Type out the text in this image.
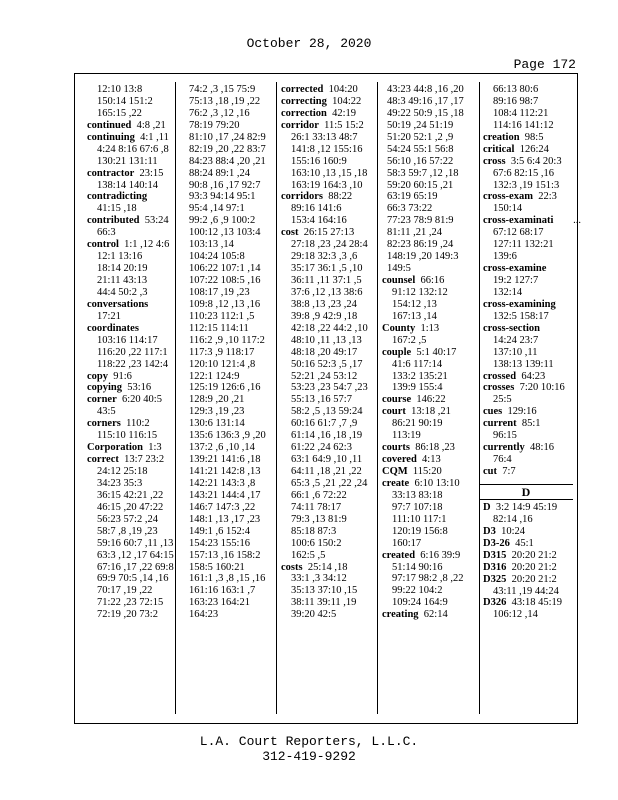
October 28, 2020
Page 172
12:10 13:8
150:14 151:2
165:15 ,22
continued 4:8 ,21
continuing 4:1 ,11
4:24 8:16 67:6 ,8
130:21 131:11
contractor 23:15
138:14 140:14
contradicting
41:15 ,18
contributed 53:24
66:3
control 1:1 ,12 4:6
12:1 13:16
18:14 20:19
21:11 43:13
44:4 50:2 ,3
conversations
17:21
coordinates
103:16 114:17
116:20 ,22 117:1
118:22 ,23 142:4
copy 91:6
copying 53:16
corner 6:20 40:5
43:5
corners 110:2
115:10 116:15
Corporation 1:3
correct 13:7 23:2
24:12 25:18
34:23 35:3
36:15 42:21 ,22
46:15 ,20 47:22
56:23 57:2 ,24
58:7 ,8 ,19 ,23
59:16 60:7 ,11 ,13
63:3 ,12 ,17 64:15
67:16 ,17 ,22 69:8
69:9 70:5 ,14 ,16
70:17 ,19 ,22
71:22 ,23 72:15
72:19 ,20 73:2
74:2 ,3 ,15 75:9
75:13 ,18 ,19 ,22
76:2 ,3 ,12 ,16
78:19 79:20
81:10 ,17 ,24 82:9
82:19 ,20 ,22 83:7
84:23 88:4 ,20 ,21
88:24 89:1 ,24
90:8 ,16 ,17 92:7
93:3 94:14 95:1
95:4 ,14 97:1
99:2 ,6 ,9 100:2
100:12 ,13 103:4
103:13 ,14
104:24 105:8
106:22 107:1 ,14
107:22 108:5 ,16
108:17 ,19 ,23
109:8 ,12 ,13 ,16
110:23 112:1 ,5
112:15 114:11
116:2 ,9 ,10 117:2
117:3 ,9 118:17
120:10 121:4 ,8
122:1 124:9
125:19 126:6 ,16
128:9 ,20 ,21
129:3 ,19 ,23
130:6 131:14
135:6 136:3 ,9 ,20
137:2 ,6 ,10 ,14
139:21 141:6 ,18
141:21 142:8 ,13
142:21 143:3 ,8
143:21 144:4 ,17
146:7 147:3 ,22
148:1 ,13 ,17 ,23
149:1 ,6 152:4
154:23 155:16
157:13 ,16 158:2
158:5 160:21
161:1 ,3 ,8 ,15 ,16
161:16 163:1 ,7
163:23 164:21
164:23
corrected 104:20
correcting 104:22
correction 42:19
corridor 11:5 15:2
26:1 33:13 48:7
141:8 ,12 155:16
155:16 160:9
163:10 ,13 ,15 ,18
163:19 164:3 ,10
corridors 88:22
89:16 141:6
153:4 164:16
cost 26:15 27:13
27:18 ,23 ,24 28:4
29:18 32:3 ,3 ,6
35:17 36:1 ,5 ,10
36:11 ,11 37:1 ,5
37:6 ,12 ,13 38:6
38:8 ,13 ,23 ,24
39:8 ,9 42:9 ,18
42:18 ,22 44:2 ,10
48:10 ,11 ,13 ,13
48:18 ,20 49:17
50:16 52:3 ,5 ,17
52:21 ,24 53:12
53:23 ,23 54:7 ,23
55:13 ,16 57:7
58:2 ,5 ,13 59:24
60:16 61:7 ,7 ,9
61:14 ,16 ,18 ,19
61:22 ,24 62:3
63:1 64:9 ,10 ,11
64:11 ,18 ,21 ,22
65:3 ,5 ,21 ,22 ,24
66:1 ,6 72:22
74:11 78:17
79:3 ,13 81:9
85:18 87:3
100:6 150:2
162:5 ,5
costs 25:14 ,18
33:1 ,3 34:12
35:13 37:10 ,15
38:11 39:11 ,19
39:20 42:5
43:23 44:8 ,16 ,20
48:3 49:16 ,17 ,17
49:22 50:9 ,15 ,18
50:19 ,24 51:19
51:20 52:1 ,2 ,9
54:24 55:1 56:8
56:10 ,16 57:22
58:3 59:7 ,12 ,18
59:20 60:15 ,21
63:19 65:19
66:3 73:22
77:23 78:9 81:9
81:11 ,21 ,24
82:23 86:19 ,24
148:19 ,20 149:3
149:5
counsel 66:16
91:12 132:12
154:12 ,13
167:13 ,14
County 1:13
167:2 ,5
couple 5:1 40:17
41:6 117:14
133:2 135:21
139:9 155:4
course 146:22
court 13:18 ,21
86:21 90:19
113:19
courts 86:18 ,23
covered 4:13
CQM 115:20
create 6:10 13:10
33:13 83:18
97:7 107:18
111:10 117:1
120:19 156:8
160:17
created 6:16 39:9
51:14 90:16
97:17 98:2 ,8 ,22
99:22 104:2
109:24 164:9
creating 62:14
66:13 80:6
89:16 98:7
108:4 112:21
114:16 141:12
creation 98:5
critical 126:24
cross 3:5 6:4 20:3
67:6 82:15 ,16
132:3 ,19 151:3
cross-exam 22:3
150:14
cross-examinati ...
67:12 68:17
127:11 132:21
139:6
cross-examine
19:2 127:7
132:14
cross-examining
132:5 158:17
cross-section
14:24 23:7
137:10 ,11
138:13 139:11
crossed 64:23
crosses 7:20 10:16
25:5
cues 129:16
current 85:1
96:15
currently 48:16
76:4
cut 7:7
D
D 3:2 14:9 45:19
82:14 ,16
D3 10:24
D3-26 45:1
D315 20:20 21:2
D316 20:20 21:2
D325 20:20 21:2
43:11 ,19 44:24
D326 43:18 45:19
106:12 ,14
L.A. Court Reporters, L.L.C.
312-419-9292
